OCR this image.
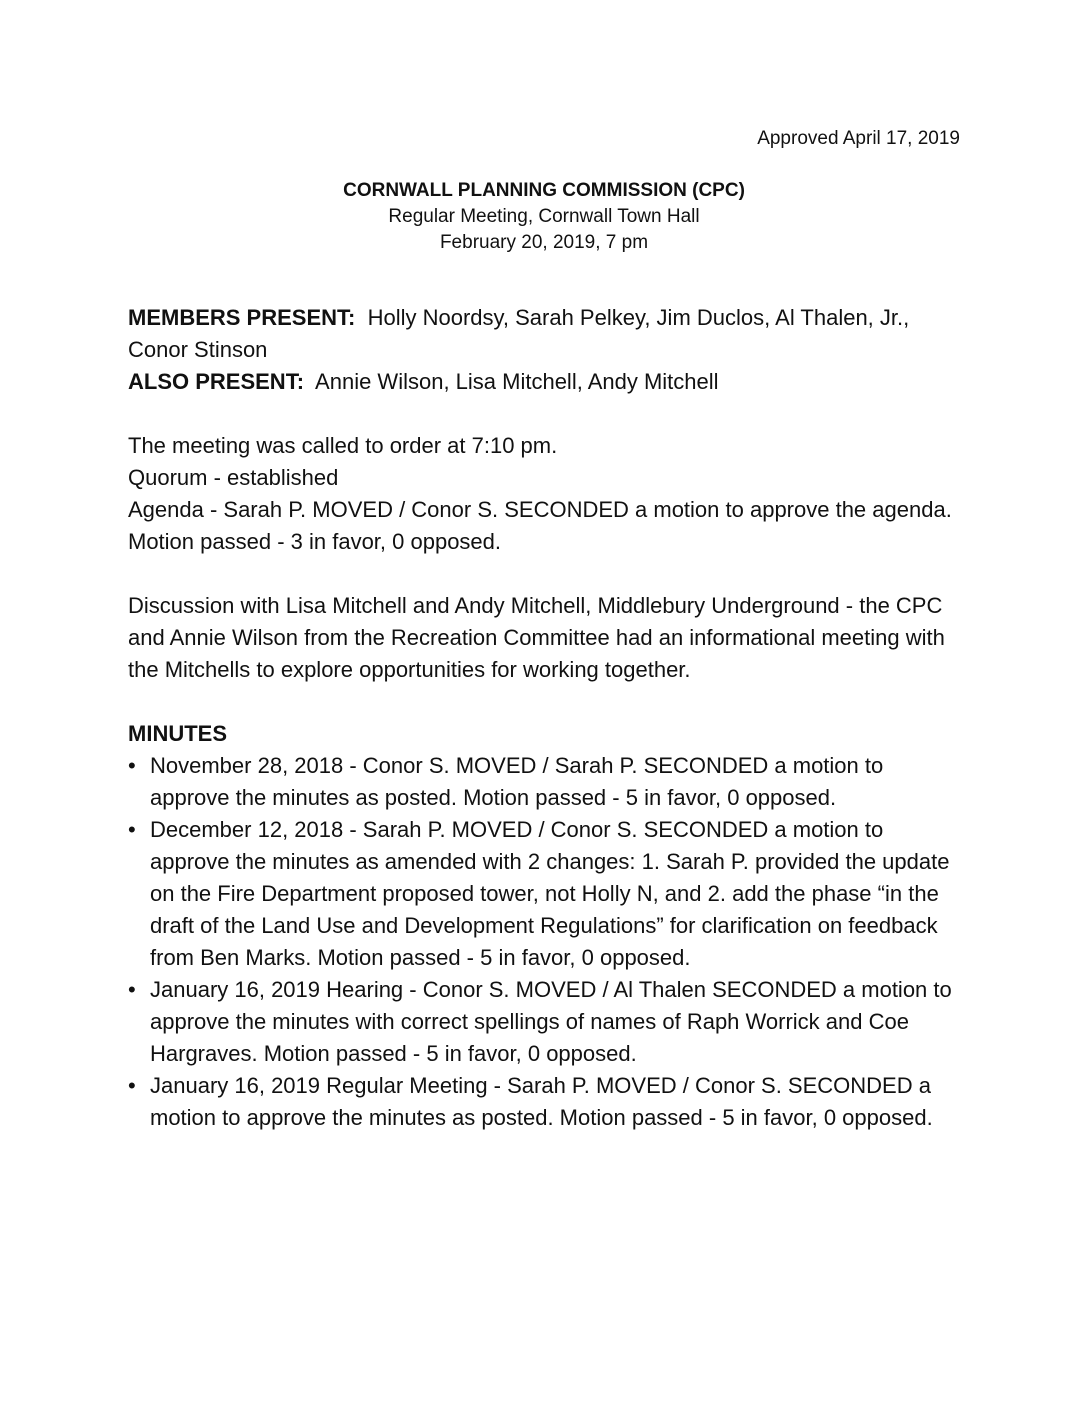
Approved April 17, 2019
CORNWALL PLANNING COMMISSION (CPC)
Regular Meeting, Cornwall Town Hall
February 20, 2019, 7 pm

MEMBERS PRESENT: Holly Noordsy, Sarah Pelkey, Jim Duclos, Al Thalen, Jr., Conor Stinson

ALSO PRESENT: Annie Wilson, Lisa Mitchell, Andy Mitchell

The meeting was called to order at 7:10 pm.

Quorum - established

Agenda - Sarah P. MOVED / Conor S. SECONDED a motion to approve the agenda. Motion passed - 3 in favor, 0 opposed.

Discussion with Lisa Mitchell and Andy Mitchell, Middlebury Underground - the CPC and Annie Wilson from the Recreation Committee had an informational meeting with the Mitchells to explore opportunities for working together.

MINUTES

• November 28, 2018 - Conor S. MOVED / Sarah P. SECONDED a motion to approve the minutes as posted. Motion passed - 5 in favor, 0 opposed.
• December 12, 2018 - Sarah P. MOVED / Conor S. SECONDED a motion to approve the minutes as amended with 2 changes: 1. Sarah P. provided the update on the Fire Department proposed tower, not Holly N, and 2. add the phase “in the draft of the Land Use and Development Regulations” for clarification on feedback from Ben Marks. Motion passed - 5 in favor, 0 opposed.
• January 16, 2019 Hearing - Conor S. MOVED / Al Thalen SECONDED a motion to approve the minutes with correct spellings of names of Raph Worrick and Coe Hargraves. Motion passed - 5 in favor, 0 opposed.
• January 16, 2019 Regular Meeting - Sarah P. MOVED / Conor S. SECONDED a motion to approve the minutes as posted. Motion passed - 5 in favor, 0 opposed.
